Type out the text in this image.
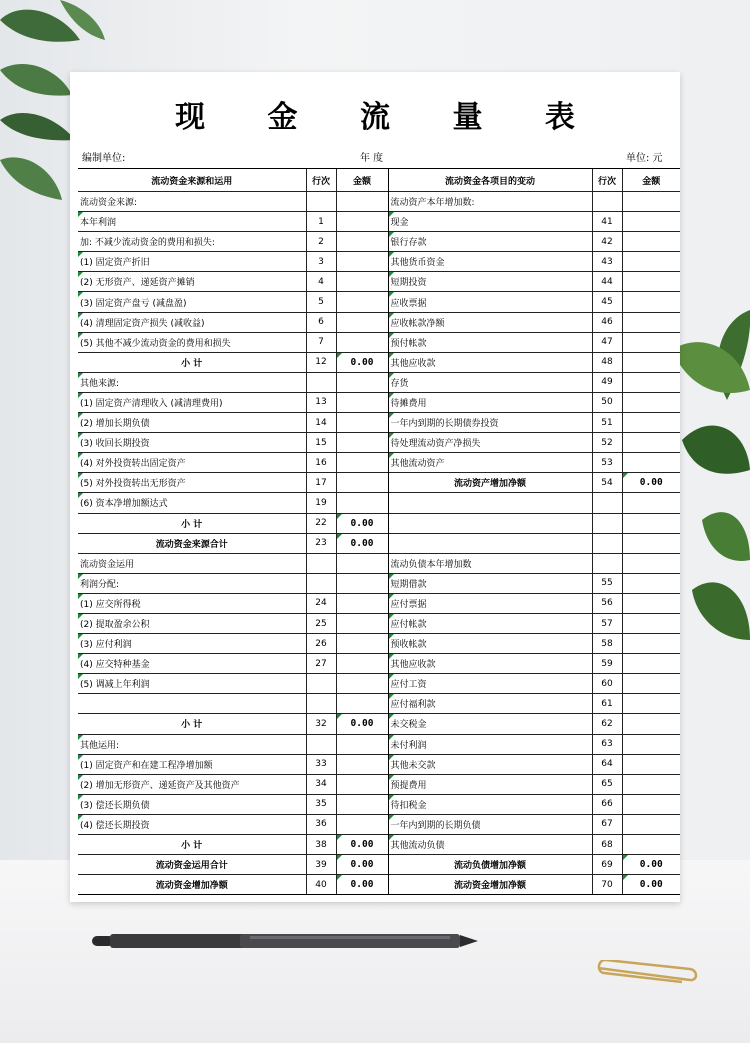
现 金 流 量 表
编制单位:	年 度	单位: 元
流动资金来源和运用	行次	金额	流动资金各项目的变动	行次	金额
流动资金来源:			流动资产本年增加数:		
本年利润	1		现金	41	
加: 不减少流动资金的费用和损失:	2		银行存款	42	
(1) 固定资产折旧	3		其他货币资金	43	
(2) 无形资产、递延资产摊销	4		短期投资	44	
(3) 固定资产盘亏 (减盘盈)	5		应收票据	45	
(4) 清理固定资产损失 (减收益)	6		应收帐款净额	46	
(5) 其他不减少流动资金的费用和损失	7		预付帐款	47	
小 计	12	0.00	其他应收款	48	
其他来源:			存货	49	
(1) 固定资产清理收入 (减清理费用)	13		待摊费用	50	
(2) 增加长期负债	14		一年内到期的长期债券投资	51	
(3) 收回长期投资	15		待处理流动资产净损失	52	
(4) 对外投资转出固定资产	16		其他流动资产	53	
(5) 对外投资转出无形资产	17		流动资产增加净额	54	0.00
(6) 资本净增加额达式	19				
小 计	22	0.00			
流动资金来源合计	23	0.00			
流动资金运用			流动负债本年增加数		
利润分配:			短期借款	55	
(1) 应交所得税	24		应付票据	56	
(2) 提取盈余公积	25		应付帐款	57	
(3) 应付利润	26		预收帐款	58	
(4) 应交特种基金	27		其他应收款	59	
(5) 调减上年利润			应付工资	60	
			应付福利款	61	
小 计	32	0.00	未交税金	62	
其他运用:			未付利润	63	
(1) 固定资产和在建工程净增加额	33		其他未交款	64	
(2) 增加无形资产、递延资产及其他资产	34		预提费用	65	
(3) 偿还长期负债	35		待扣税金	66	
(4) 偿还长期投资	36		一年内到期的长期负债	67	
小 计	38	0.00	其他流动负债	68	
流动资金运用合计	39	0.00	流动负债增加净额	69	0.00
流动资金增加净额	40	0.00	流动资金增加净额	70	0.00
